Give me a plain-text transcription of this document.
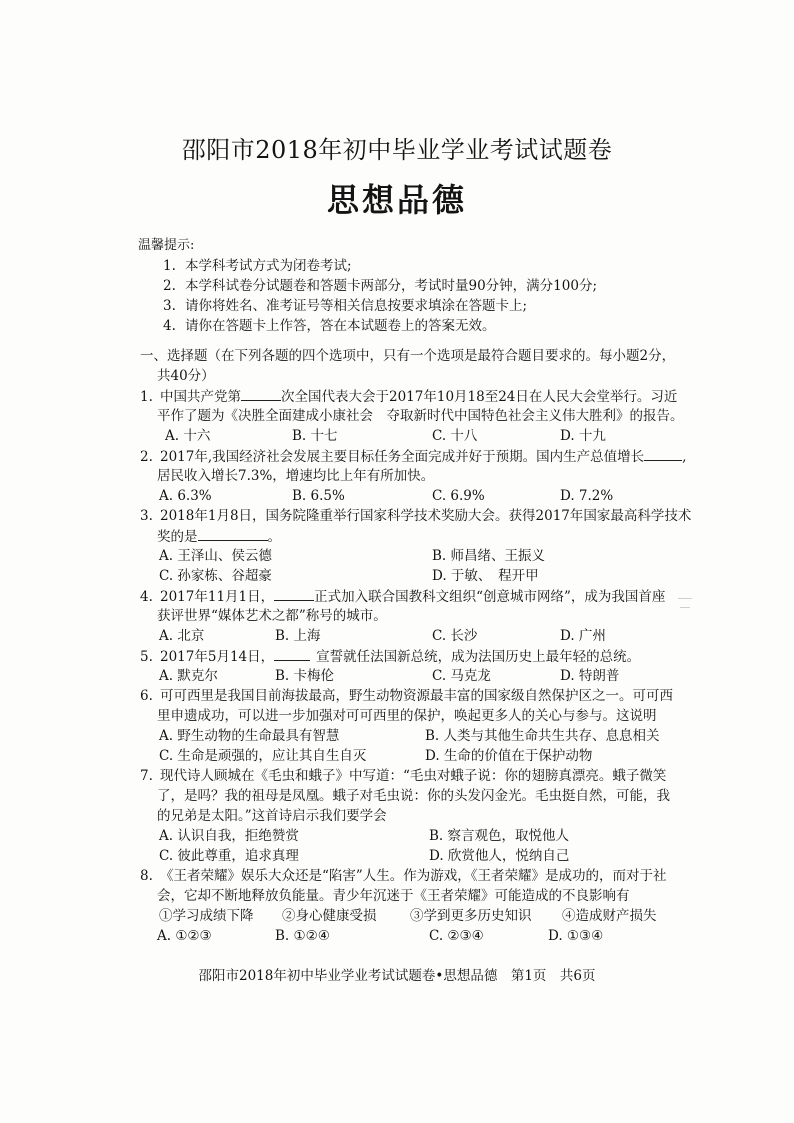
邵阳市2018年初中毕业学业考试试题卷
思想品德
温馨提示:
1. 本学科考试方式为闭卷考试;
2. 本学科试卷分试题卷和答题卡两部分，考试时量90分钟，满分100分;
3. 请你将姓名、准考证号等相关信息按要求填涂在答题卡上;
4. 请你在答题卡上作答，答在本试题卷上的答案无效。
一、选择题（在下列各题的四个选项中，只有一个选项是最符合题目要求的。每小题2分，
共40分）
1. 中国共产党第	次全国代表大会于2017年10月18至24日在人民大会堂举行。习近
平作了题为《决胜全面建成小康社会　夺取新时代中国特色社会主义伟大胜利》的报告。
A. 十六	B. 十七	C. 十八	D. 十九
2. 2017年,我国经济社会发展主要目标任务全面完成并好于预期。国内生产总值增长	,
居民收入增长7.3%，增速均比上年有所加快。
A. 6.3%	B. 6.5%	C. 6.9%	D. 7.2%
3. 2018年1月8日，国务院隆重举行国家科学技术奖励大会。获得2017年国家最高科学技术
奖的是	。
A. 王泽山、侯云德	B. 师昌绪、王振义
C. 孙家栋、谷超豪	D. 于敏、　程开甲
4. 2017年11月1日，	正式加入联合国教科文组织“创意城市网络”，成为我国首座
获评世界“媒体艺术之都”称号的城市。
A. 北京	B. 上海	C. 长沙	D. 广州
5. 2017年5月14日，	宣誓就任法国新总统，成为法国历史上最年轻的总统。
A. 默克尔	B. 卡梅伦	C. 马克龙	D. 特朗普
6. 可可西里是我国目前海拔最高，野生动物资源最丰富的国家级自然保护区之一。可可西
里申遗成功，可以进一步加强对可可西里的保护，唤起更多人的关心与参与。这说明
A. 野生动物的生命最具有智慧	B. 人类与其他生命共生共存、息息相关
C. 生命是顽强的，应让其自生自灭	D. 生命的价值在于保护动物
7. 现代诗人顾城在《毛虫和蛾子》中写道：“毛虫对蛾子说：你的翅膀真漂亮。蛾子微笑
了，是吗？我的祖母是凤凰。蛾子对毛虫说：你的头发闪金光。毛虫挺自然，可能，我
的兄弟是太阳。”这首诗启示我们要学会
A. 认识自我，拒绝赞赏	B. 察言观色，取悦他人
C. 彼此尊重，追求真理	D. 欣赏他人，悦纳自己
8. 《王者荣耀》娱乐大众还是“陷害”人生。作为游戏，《王者荣耀》是成功的，而对于社
会，它却不断地释放负能量。青少年沉迷于《王者荣耀》可能造成的不良影响有
①学习成绩下降 ②身心健康受损 ③学到更多历史知识 ④造成财产损失
A. ①②③	B. ①②④	C. ②③④	D. ①③④
邵阳市2018年初中毕业学业考试试题卷•思想品德　第1页　共6页
